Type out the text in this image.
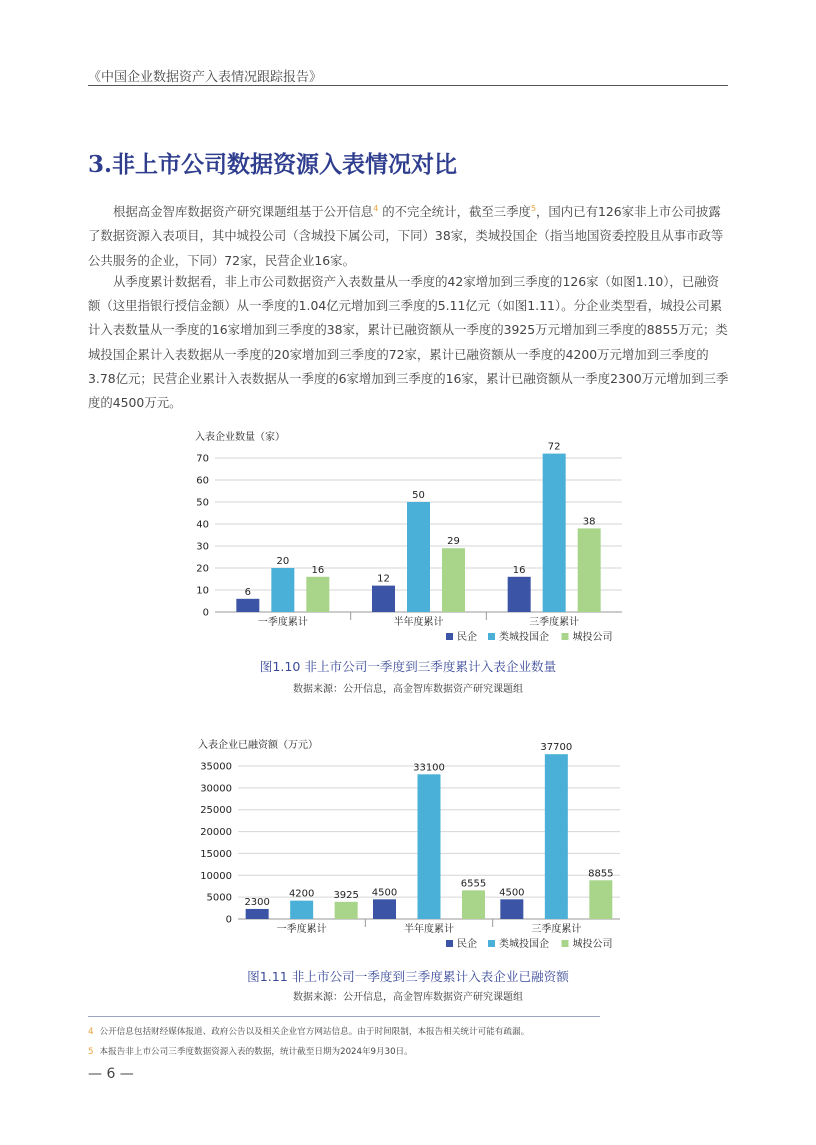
《中国企业数据资产入表情况跟踪报告》
3.非上市公司数据资源入表情况对比

根据高金智库数据资产研究课题组基于公开信息$^4$ 的不完全统计，截至三季度$^5$，国内已有126家非上市公司披露了数据资源入表项目，其中城投公司（含城投下属公司，下同）38家，类城投国企（指当地国资委控股且从事市政等公共服务的企业，下同）72家，民营企业16家。

从季度累计数据看，非上市公司数据资产入表数量从一季度的42家增加到三季度的126家（如图1.10），已融资额（这里指银行授信金额）从一季度的1.04亿元增加到三季度的5.11亿元（如图1.11）。分企业类型看，城投公司累计入表数量从一季度的16家增加到三季度的38家，累计已融资额从一季度的3925万元增加到三季度的8855万元；类城投国企累计入表数据从一季度的20家增加到三季度的72家，累计已融资额从一季度的4200万元增加到三季度的3.78亿元；民营企业累计入表数据从一季度的6家增加到三季度的16家，累计已融资额从一季度2300万元增加到三季度的4500万元。

入表企业数量（家）
0
10
20
30
40
50
60
70
一季度累计
6
20
16
半年度累计
12
50
29
三季度累计
16
72
38
民企 类城投国企 城投公司
图1.10 非上市公司一季度到三季度累计入表企业数量
数据来源：公开信息，高金智库数据资产研究课题组
入表企业已融资额（万元）
0
5000
10000
15000
20000
25000
30000
35000
一季度累计
2300
4200 3925
半年度累计
4500
33100
6555
三季度累计
4500
37700
8855
民企 类城投国企 城投公司
图1.11 非上市公司一季度到三季度累计入表企业已融资额
数据来源：公开信息，高金智库数据资产研究课题组
4 公开信息包括财经媒体报道、政府公告以及相关企业官方网站信息。由于时间限制，本报告相关统计可能有疏漏。
5 本报告非上市公司三季度数据资源入表的数据，统计截至日期为2024年9月30日。
— 6 —
